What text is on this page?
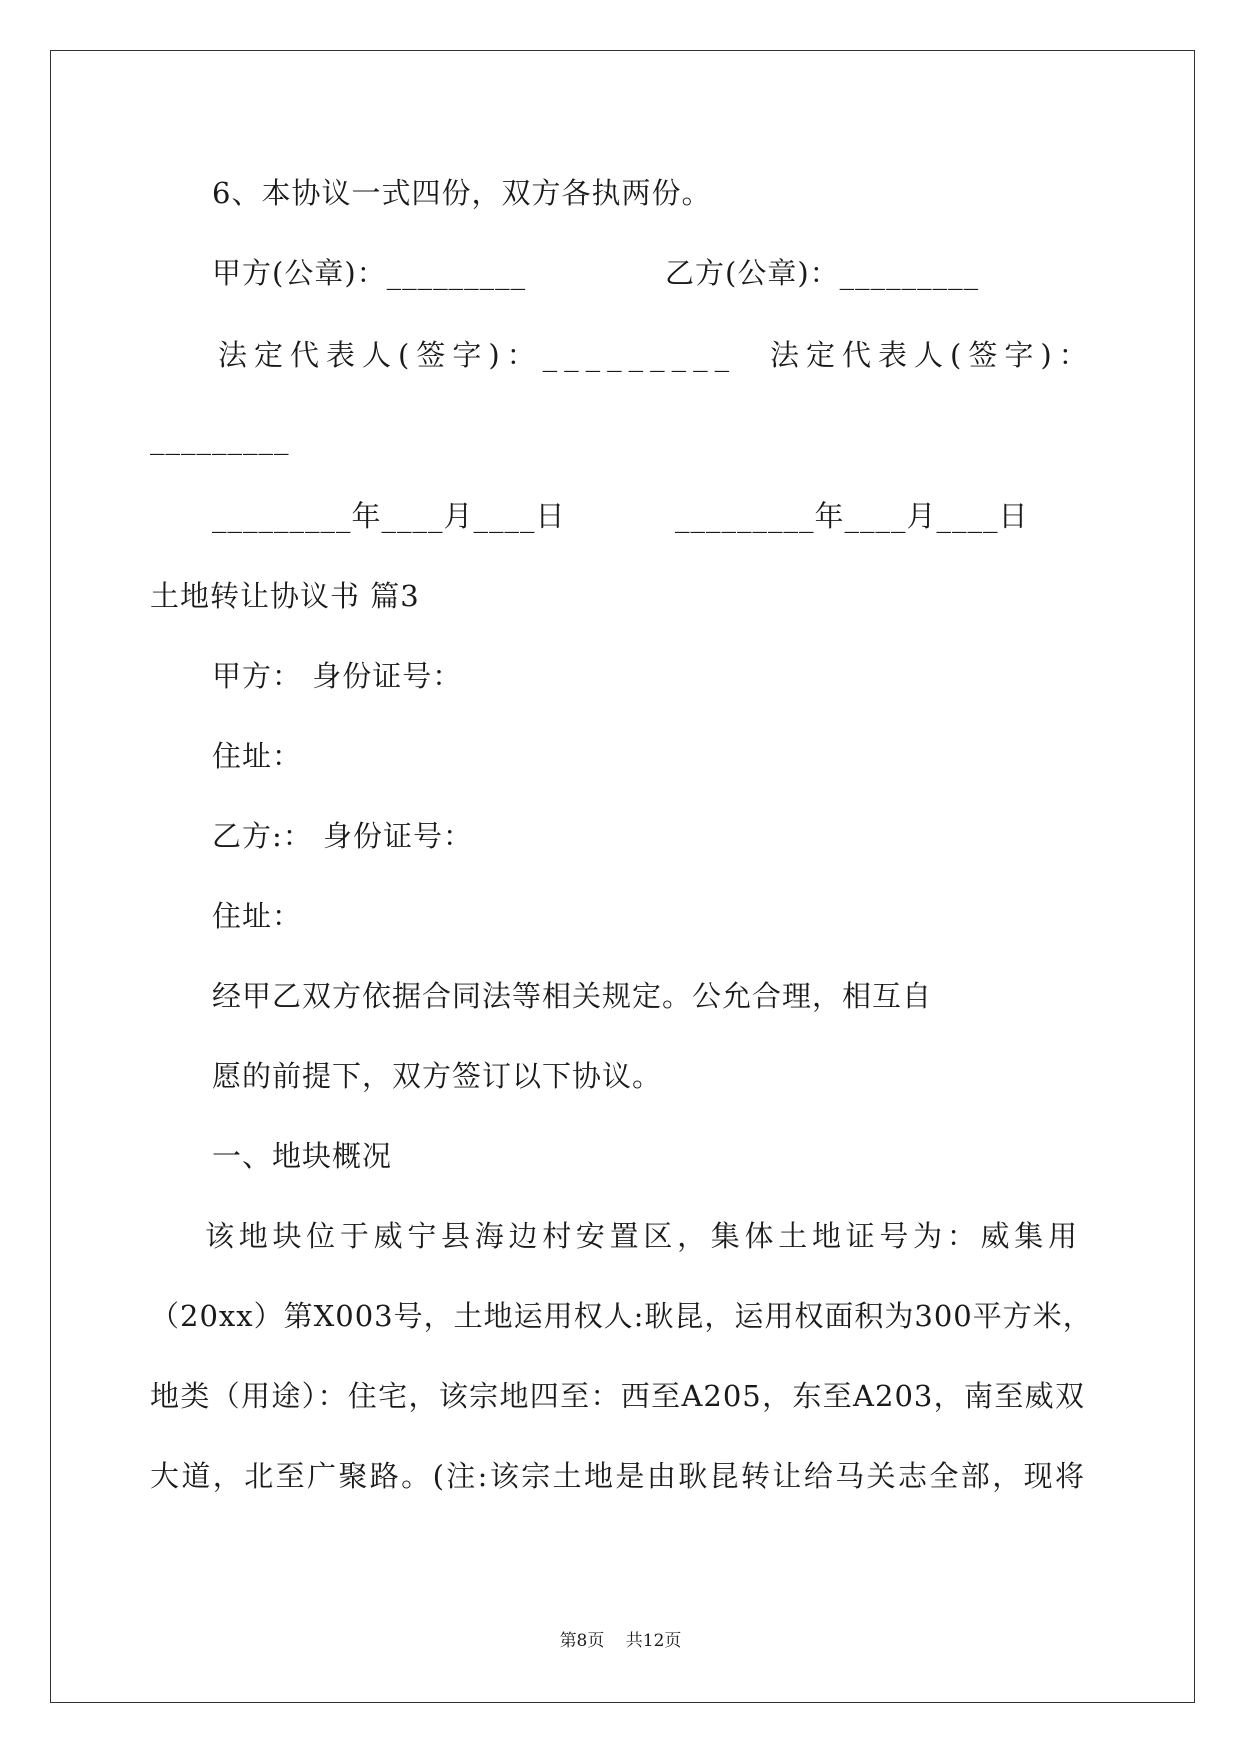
6、本协议一式四份，双方各执两份。
甲方(公章)：_________	乙方(公章)：_________
法定代表人(签字)：_________ 法定代表人(签字)：
_________
_________年____月____日	_________年____月____日
土地转让协议书 篇3
甲方： 身份证号：
住址：
乙方:： 身份证号：
住址：
经甲乙双方依据合同法等相关规定。公允合理，相互自
愿的前提下，双方签订以下协议。
一、地块概况
该地块位于威宁县海边村安置区，集体土地证号为：威集用
（20xx）第X003号，土地运用权人:耿昆，运用权面积为300平方米，
地类（用途）：住宅，该宗地四至：西至A205，东至A203，南至威双
大道，北至广聚路。(注:该宗土地是由耿昆转让给马关志全部，现将
第8页 共12页
